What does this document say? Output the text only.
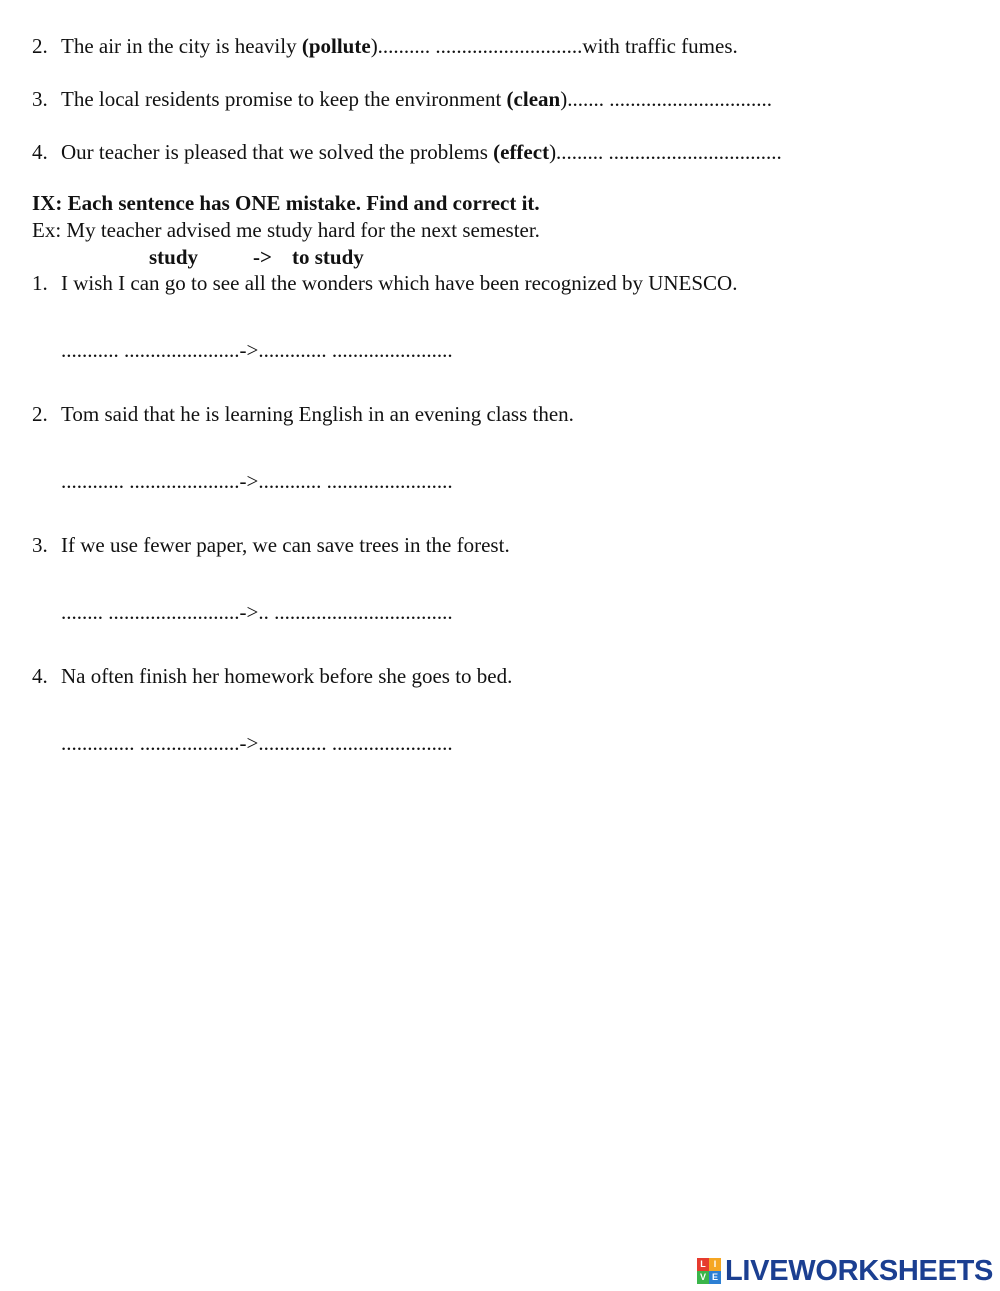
2. The air in the city is heavily (pollute).......... ............................with traffic fumes.
3. The local residents promise to keep the environment (clean)....... ...............................
4. Our teacher is pleased that we solved the problems (effect)......... .................................
IX: Each sentence has ONE mistake. Find and correct it.
Ex: My teacher advised me study hard for the next semester.
study	-> to study
1. I wish I can go to see all the wonders which have been recognized by UNESCO.
........... ......................->............. .......................
2. Tom said that he is learning English in an evening class then.
............ .....................->............ ........................
3. If we use fewer paper, we can save trees in the forest.
........ .........................->.. ..................................
4. Na often finish her homework before she goes to bed.
.............. ...................->............. .......................
L I
V E LIVEWORKSHEETS
